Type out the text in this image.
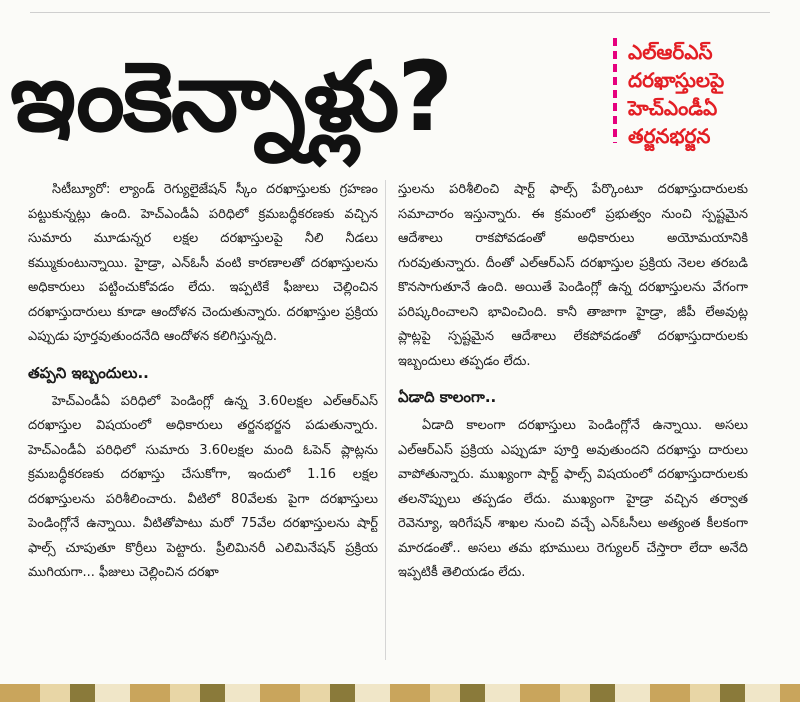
ఇంకెన్నాళ్లు?	ఎల్ఆర్ఎస్
దరఖాస్తులపై
హెచ్ఎండీఏ
తర్జనభర్జన

సిటీబ్యూరో: ల్యాండ్ రెగ్యులైజేషన్ స్కీం దరఖాస్తులకు గ్రహణం పట్టుకున్నట్లు ఉంది. హెచ్ఎండీఏ పరిధిలో క్రమబద్ధీకరణకు వచ్చిన సుమారు మూడున్నర లక్షల దరఖాస్తులపై నీలి నీడలు కమ్ముకుంటున్నాయి. హైడ్రా, ఎన్ఓసీ వంటి కారణాలతో దరఖాస్తులను అధికారులు పట్టించుకోవడం లేదు. ఇప్పటికే ఫీజులు చెల్లించిన దరఖాస్తుదారులు కూడా ఆందోళన చెందుతున్నారు. దరఖాస్తుల ప్రక్రియ ఎప్పుడు పూర్తవుతుందనేది ఆందోళన కలిగిస్తున్నది.

తప్పని ఇబ్బందులు..

హెచ్ఎండీఏ పరిధిలో పెండింగ్లో ఉన్న 3.60లక్షల ఎల్ఆర్ఎస్ దరఖాస్తుల విషయంలో అధికారులు తర్జనభర్జన పడుతున్నారు. హెచ్ఎండీఏ పరిధిలో సుమారు 3.60లక్షల మంది ఓపెన్ ప్లాట్లను క్రమబద్ధీకరణకు దరఖాస్తు చేసుకోగా, ఇందులో 1.16 లక్షల దరఖాస్తులను పరిశీలించారు. వీటిలో 80వేలకు పైగా దరఖాస్తులు పెండింగ్లోనే ఉన్నాయి. వీటితోపాటు మరో 75వేల దరఖాస్తులను షార్ట్ ఫాల్స్ చూపుతూ కొర్రీలు పెట్టారు. ప్రీలిమినరీ ఎలిమినేషన్ ప్రక్రియ ముగియగా... ఫీజులు చెల్లించిన దరఖా

స్తులను పరిశీలించి షార్ట్ ఫాల్స్ పేర్కొంటూ దరఖాస్తుదారులకు సమాచారం ఇస్తున్నారు. ఈ క్రమంలో ప్రభుత్వం నుంచి స్పష్టమైన ఆదేశాలు రాకపోవడంతో అధికారులు అయోమయానికి గురవుతున్నారు. దీంతో ఎల్ఆర్ఎస్ దరఖాస్తుల ప్రక్రియ నెలల తరబడి కొనసాగుతూనే ఉంది. అయితే పెండింగ్లో ఉన్న దరఖాస్తులను వేగంగా పరిష్కరించాలని భావించింది. కానీ తాజాగా హైడ్రా, జీపీ లేఅవుట్ల ప్లాట్లపై స్పష్టమైన ఆదేశాలు లేకపోవడంతో దరఖాస్తుదారులకు ఇబ్బందులు తప్పడం లేదు.

ఏడాది కాలంగా..

ఏడాది కాలంగా దరఖాస్తులు పెండింగ్లోనే ఉన్నాయి. అసలు ఎల్ఆర్ఎస్ ప్రక్రియ ఎప్పుడూ పూర్తి అవుతుందని దరఖాస్తు దారులు వాపోతున్నారు. ముఖ్యంగా షార్ట్ ఫాల్స్ విషయంలో దరఖాస్తుదారులకు తలనొప్పులు తప్పడం లేదు. ముఖ్యంగా హైడ్రా వచ్చిన తర్వాత రెవెన్యూ, ఇరిగేషన్ శాఖల నుంచి వచ్చే ఎన్ఓసీలు అత్యంత కీలకంగా మారడంతో.. అసలు తమ భూములు రెగ్యులర్ చేస్తారా లేదా అనేది ఇప్పటికీ తెలియడం లేదు.
